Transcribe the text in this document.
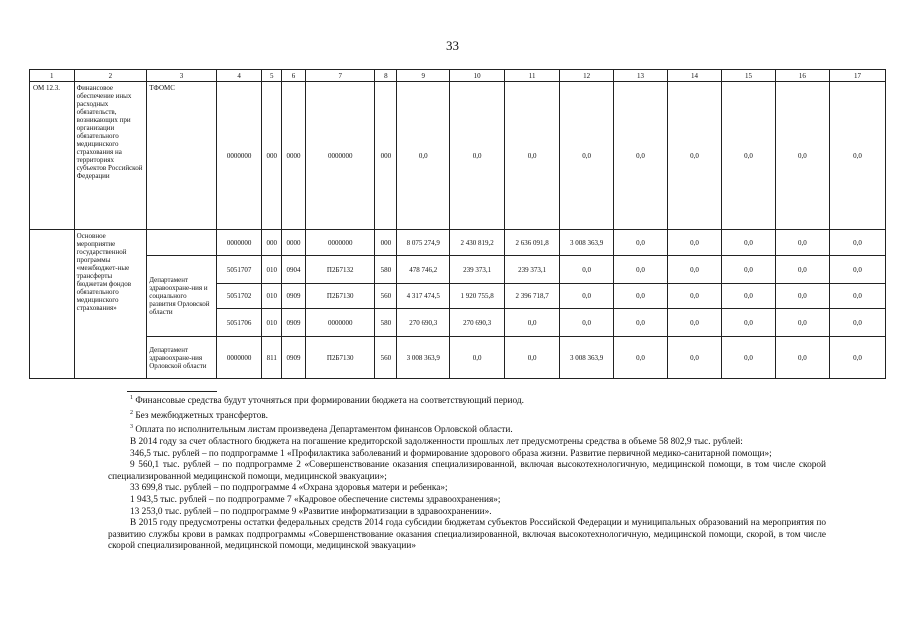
33
1	2	3	4	5	6	7	8	9	10	11	12	13	14	15	16	17
ОМ 12.3.	Финансовое обеспечение иных расходных обязательств, возникающих при организации обязательного медицинского страхования на территориях субъектов Российской Федерации	ТФОМС	0000000	000	0000	0000000	000	0,0	0,0	0,0	0,0	0,0	0,0	0,0	0,0	0,0

	Основное мероприятие государственной программы «межбюджет-ные трансферты бюджетам фондов обязательного медицинского страхования»		0000000	000	0000	0000000	000	8 075 274,9	2 430 819,2	2 636 091,8	3 008 363,9	0,0	0,0	0,0	0,0	0,0

		Департамент здравоохране-ния и социального развития Орловской области	5051707	010	0904	П2Б7132	580	478 746,2	239 373,1	239 373,1	0,0	0,0	0,0	0,0	0,0	0,0
			5051702	010	0909	П2Б7130	560	4 317 474,5	1 920 755,8	2 396 718,7	0,0	0,0	0,0	0,0	0,0	0,0
			5051706	010	0909	0000000	580	270 690,3	270 690,3	0,0	0,0	0,0	0,0	0,0	0,0	0,0

		Департамент здравоохране-ния Орловской области	0000000	811	0909	П2Б7130	560	3 008 363,9	0,0	0,0	3 008 363,9	0,0	0,0	0,0	0,0	0,0

$^1$ Финансовые средства будут уточняться при формировании бюджета на соответствующий период.

$^2$ Без межбюджетных трансфертов.

$^3$ Оплата по исполнительным листам произведена Департаментом финансов Орловской области.

В 2014 году за счет областного бюджета на погашение кредиторской задолженности прошлых лет предусмотрены средства в объеме 58 802,9 тыс. рублей:

346,5 тыс. рублей – по подпрограмме 1 «Профилактика заболеваний и формирование здорового образа жизни. Развитие первичной медико-санитарной помощи»;

9 560,1 тыс. рублей – по подпрограмме 2 «Совершенствование оказания специализированной, включая высокотехнологичную, медицинской помощи, в том числе скорой специализированной медицинской помощи, медицинской эвакуации»;

33 699,8 тыс. рублей – по подпрограмме 4 «Охрана здоровья матери и ребенка»;

1 943,5 тыс. рублей – по подпрограмме 7 «Кадровое обеспечение системы здравоохранения»;

13 253,0 тыс. рублей – по подпрограмме 9 «Развитие информатизации в здравоохранении».

В 2015 году предусмотрены остатки федеральных средств 2014 года субсидии бюджетам субъектов Российской Федерации и муниципальных образований на мероприятия по развитию службы крови в рамках подпрограммы «Совершенствование оказания специализированной, включая высокотехнологичную, медицинской помощи, скорой, в том числе скорой специализированной, медицинской помощи, медицинской эвакуации»
